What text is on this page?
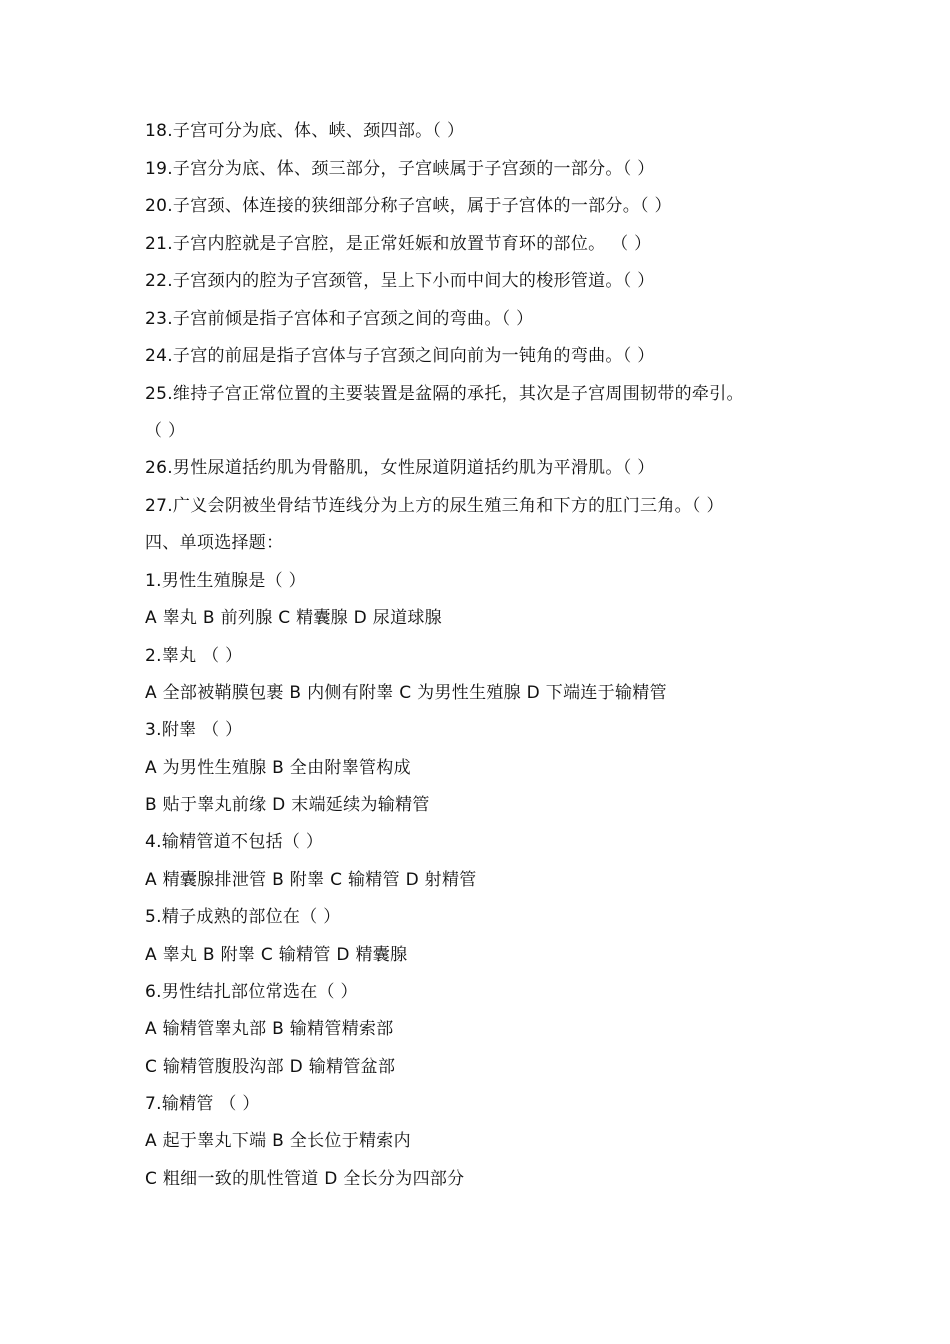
18.子宫可分为底、体、峡、颈四部。（ ）
19.子宫分为底、体、颈三部分，子宫峡属于子宫颈的一部分。（ ）
20.子宫颈、体连接的狭细部分称子宫峡，属于子宫体的一部分。（ ）
21.子宫内腔就是子宫腔，是正常妊娠和放置节育环的部位。 （ ）
22.子宫颈内的腔为子宫颈管，呈上下小而中间大的梭形管道。（ ）
23.子宫前倾是指子宫体和子宫颈之间的弯曲。（ ）
24.子宫的前屈是指子宫体与子宫颈之间向前为一钝角的弯曲。（ ）
25.维持子宫正常位置的主要装置是盆隔的承托，其次是子宫周围韧带的牵引。
（ ）
26.男性尿道括约肌为骨骼肌，女性尿道阴道括约肌为平滑肌。（ ）
27.广义会阴被坐骨结节连线分为上方的尿生殖三角和下方的肛门三角。（ ）
四、单项选择题：
1.男性生殖腺是（ ）
A 睾丸 B 前列腺 C 精囊腺 D 尿道球腺
2.睾丸 （ ）
A 全部被鞘膜包裹 B 内侧有附睾 C 为男性生殖腺 D 下端连于输精管
3.附睾 （ ）
A 为男性生殖腺 B 全由附睾管构成
B 贴于睾丸前缘 D 末端延续为输精管
4.输精管道不包括（ ）
A 精囊腺排泄管 B 附睾 C 输精管 D 射精管
5.精子成熟的部位在（ ）
A 睾丸 B 附睾 C 输精管 D 精囊腺
6.男性结扎部位常选在（ ）
A 输精管睾丸部 B 输精管精索部
C 输精管腹股沟部 D 输精管盆部
7.输精管 （ ）
A 起于睾丸下端 B 全长位于精索内
C 粗细一致的肌性管道 D 全长分为四部分
